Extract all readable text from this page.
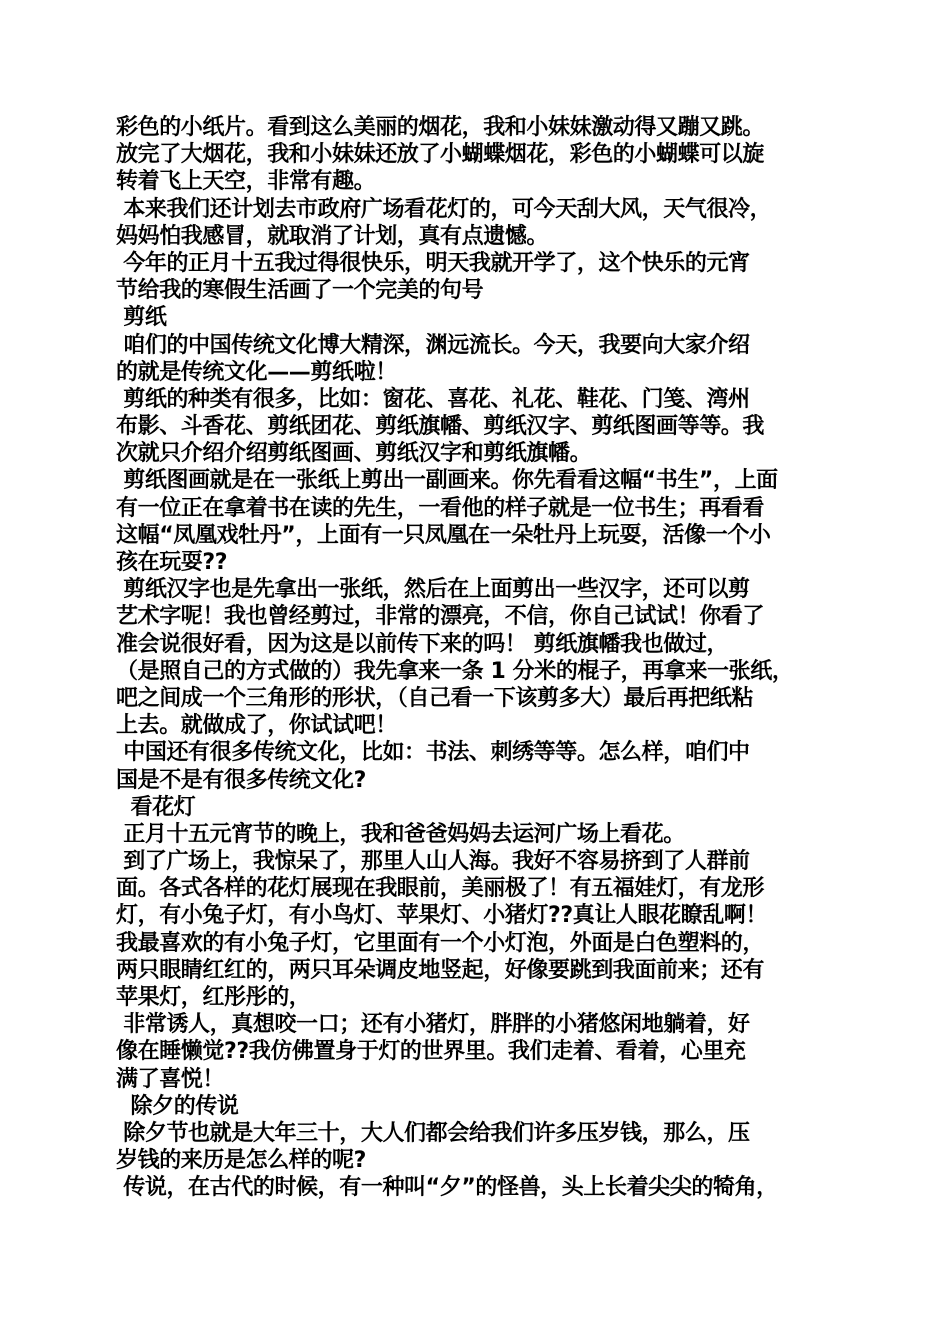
彩色的小纸片。看到这么美丽的烟花，我和小妹妹激动得又蹦又跳。
放完了大烟花，我和小妹妹还放了小蝴蝶烟花，彩色的小蝴蝶可以旋
转着飞上天空，非常有趣。
本来我们还计划去市政府广场看花灯的，可今天刮大风，天气很冷，
妈妈怕我感冒，就取消了计划，真有点遗憾。
今年的正月十五我过得很快乐，明天我就开学了，这个快乐的元宵
节给我的寒假生活画了一个完美的句号
剪纸
咱们的中国传统文化博大精深，渊远流长。今天，我要向大家介绍
的就是传统文化——剪纸啦！
剪纸的种类有很多，比如：窗花、喜花、礼花、鞋花、门笺、湾州
布影、斗香花、剪纸团花、剪纸旗幡、剪纸汉字、剪纸图画等等。我
次就只介绍介绍剪纸图画、剪纸汉字和剪纸旗幡。
剪纸图画就是在一张纸上剪出一副画来。你先看看这幅“书生”，上面
有一位正在拿着书在读的先生，一看他的样子就是一位书生；再看看
这幅“凤凰戏牡丹”，上面有一只凤凰在一朵牡丹上玩耍，活像一个小
孩在玩耍??
剪纸汉字也是先拿出一张纸，然后在上面剪出一些汉字，还可以剪
艺术字呢！我也曾经剪过，非常的漂亮，不信，你自己试试！你看了
准会说很好看，因为这是以前传下来的吗！ 剪纸旗幡我也做过，
（是照自己的方式做的）我先拿来一条 1 分米的棍子，再拿来一张纸，
吧之间成一个三角形的形状，（自己看一下该剪多大）最后再把纸粘
上去。就做成了，你试试吧！
中国还有很多传统文化，比如：书法、刺绣等等。怎么样，咱们中
国是不是有很多传统文化?
看花灯
正月十五元宵节的晚上，我和爸爸妈妈去运河广场上看花。
到了广场上，我惊呆了，那里人山人海。我好不容易挤到了人群前
面。各式各样的花灯展现在我眼前，美丽极了！有五福娃灯，有龙形
灯，有小兔子灯，有小鸟灯、苹果灯、小猪灯??真让人眼花瞭乱啊！
我最喜欢的有小兔子灯，它里面有一个小灯泡，外面是白色塑料的，
两只眼睛红红的，两只耳朵调皮地竖起，好像要跳到我面前来；还有
苹果灯，红彤彤的，
非常诱人，真想咬一口；还有小猪灯，胖胖的小猪悠闲地躺着，好
像在睡懒觉??我仿佛置身于灯的世界里。我们走着、看着，心里充
满了喜悦！
除夕的传说
除夕节也就是大年三十，大人们都会给我们许多压岁钱，那么，压
岁钱的来历是怎么样的呢?
传说，在古代的时候，有一种叫“夕”的怪兽，头上长着尖尖的犄角，
